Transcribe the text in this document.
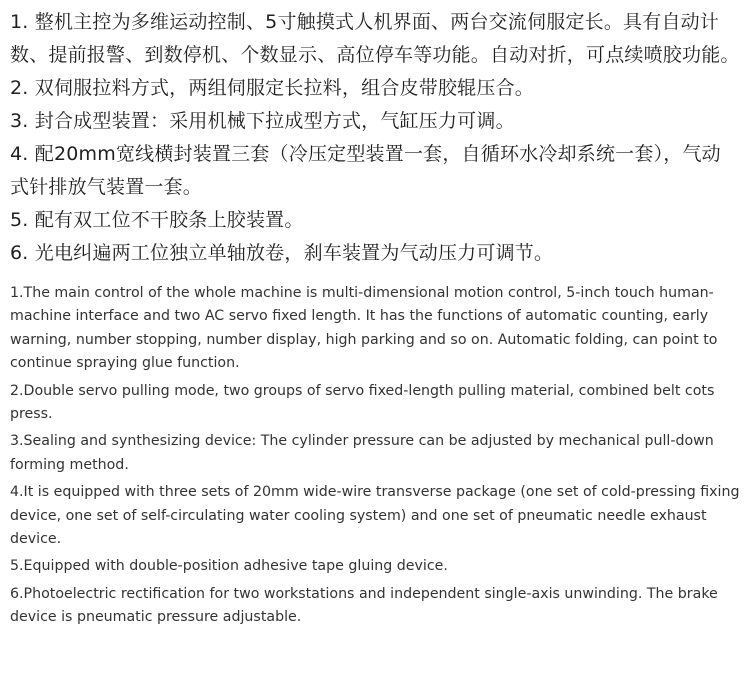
1. 整机主控为多维运动控制、5寸触摸式人机界面、两台交流伺服定长。具有自动计数、提前报警、到数停机、个数显示、高位停车等功能。自动对折，可点续喷胶功能。

2. 双伺服拉料方式，两组伺服定长拉料，组合皮带胶辊压合。

3. 封合成型装置：采用机械下拉成型方式，气缸压力可调。

4. 配20mm宽线横封装置三套（冷压定型装置一套，自循环水冷却系统一套），气动式针排放气装置一套。

5. 配有双工位不干胶条上胶装置。

6. 光电纠遍两工位独立单轴放卷，刹车装置为气动压力可调节。

1.The main control of the whole machine is multi-dimensional motion control, 5-inch touch human-machine interface and two AC servo fixed length. It has the functions of automatic counting, early warning, number stopping, number display, high parking and so on. Automatic folding, can point to continue spraying glue function.

2.Double servo pulling mode, two groups of servo fixed-length pulling material, combined belt cots press.

3.Sealing and synthesizing device: The cylinder pressure can be adjusted by mechanical pull-down forming method.

4.It is equipped with three sets of 20mm wide-wire transverse package (one set of cold-pressing fixing device, one set of self-circulating water cooling system) and one set of pneumatic needle exhaust device.

5.Equipped with double-position adhesive tape gluing device.

6.Photoelectric rectification for two workstations and independent single-axis unwinding. The brake device is pneumatic pressure adjustable.
